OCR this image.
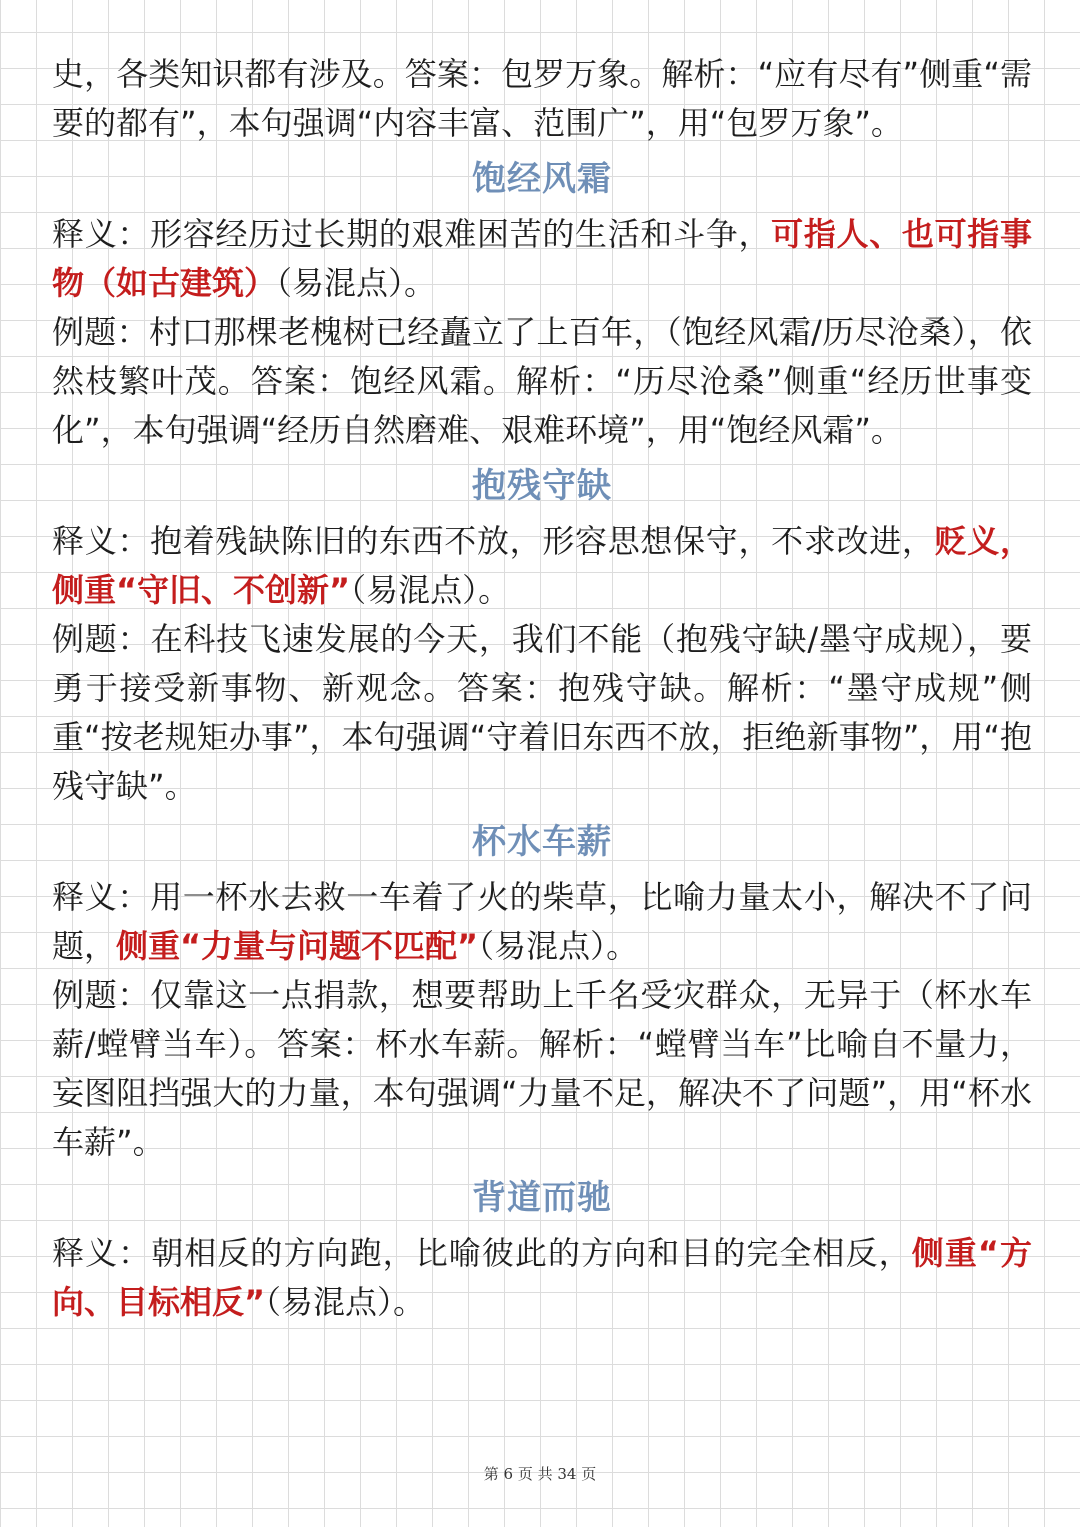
史，各类知识都有涉及。答案：包罗万象。解析：“应有尽有”侧重“需要的都有”，本句强调“内容丰富、范围广”，用“包罗万象”。

饱经风霜

释义：形容经历过长期的艰难困苦的生活和斗争，可指人、也可指事物（如古建筑）（易混点）。

例题：村口那棵老槐树已经矗立了上百年，（饱经风霜/历尽沧桑），依然枝繁叶茂。答案：饱经风霜。解析：“历尽沧桑”侧重“经历世事变化”，本句强调“经历自然磨难、艰难环境”，用“饱经风霜”。

抱残守缺

释义：抱着残缺陈旧的东西不放，形容思想保守，不求改进，贬义，侧重“守旧、不创新”（易混点）。

例题：在科技飞速发展的今天，我们不能（抱残守缺/墨守成规），要勇于接受新事物、新观念。答案：抱残守缺。解析：“墨守成规”侧重“按老规矩办事”，本句强调“守着旧东西不放，拒绝新事物”，用“抱残守缺”。

杯水车薪

释义：用一杯水去救一车着了火的柴草，比喻力量太小，解决不了问题，侧重“力量与问题不匹配”（易混点）。

例题：仅靠这一点捐款，想要帮助上千名受灾群众，无异于（杯水车薪/螳臂当车）。答案：杯水车薪。解析：“螳臂当车”比喻自不量力，妄图阻挡强大的力量，本句强调“力量不足，解决不了问题”，用“杯水车薪”。

背道而驰

释义：朝相反的方向跑，比喻彼此的方向和目的完全相反，侧重“方向、目标相反”（易混点）。

第 6 页 共 34 页
